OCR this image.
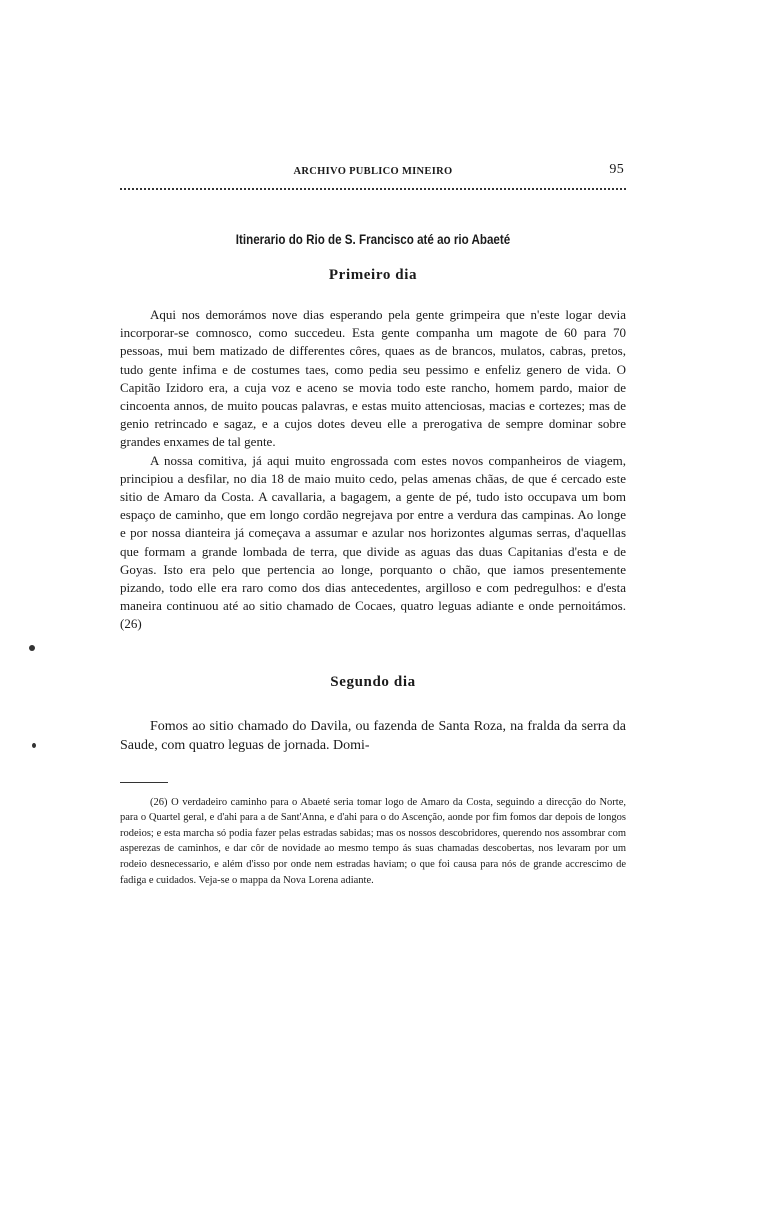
ARCHIVO PUBLICO MINEIRO	95
Itinerario do Rio de S. Francisco até ao rio Abaeté
Primeiro dia

Aqui nos demorámos nove dias esperando pela gente grimpeira que n'este logar devia incorporar-se comnosco, como succedeu. Esta gente companha um magote de 60 para 70 pessoas, mui bem matizado de differentes côres, quaes as de brancos, mulatos, cabras, pretos, tudo gente infima e de costumes taes, como pedia seu pessimo e enfeliz genero de vida. O Capitão Izidoro era, a cuja voz e aceno se movia todo este rancho, homem pardo, maior de cincoenta annos, de muito poucas palavras, e estas muito attenciosas, macias e cortezes; mas de genio retrincado e sagaz, e a cujos dotes deveu elle a prerogativa de sempre dominar sobre grandes enxames de tal gente.

A nossa comitiva, já aqui muito engrossada com estes novos companheiros de viagem, principiou a desfilar, no dia 18 de maio muito cedo, pelas amenas chãas, de que é cercado este sitio de Amaro da Costa. A cavallaria, a bagagem, a gente de pé, tudo isto occupava um bom espaço de caminho, que em longo cordão negrejava por entre a verdura das campinas. Ao longe e por nossa dianteira já começava a assumar e azular nos horizontes algumas serras, d'aquellas que formam a grande lombada de terra, que divide as aguas das duas Capitanias d'esta e de Goyas. Isto era pelo que pertencia ao longe, porquanto o chão, que iamos presentemente pizando, todo elle era raro como dos dias antecedentes, argilloso e com pedregulhos: e d'esta maneira continuou até ao sitio chamado de Cocaes, quatro leguas adiante e onde pernoitámos. (26)

Segundo dia

Fomos ao sitio chamado do Davila, ou fazenda de Santa Roza, na fralda da serra da Saude, com quatro leguas de jornada. Domi-

(26) O verdadeiro caminho para o Abaeté seria tomar logo de Amaro da Costa, seguindo a direcção do Norte, para o Quartel geral, e d'ahi para a de Sant'Anna, e d'ahi para o do Ascenção, aonde por fim fomos dar depois de longos rodeios; e esta marcha só podia fazer pelas estradas sabidas; mas os nossos descobridores, querendo nos assombrar com asperezas de caminhos, e dar côr de novidade ao mesmo tempo ás suas chamadas descobertas, nos levaram por um rodeio desnecessario, e além d'isso por onde nem estradas haviam; o que foi causa para nós de grande accrescimo de fadiga e cuidados. Veja-se o mappa da Nova Lorena adiante.
